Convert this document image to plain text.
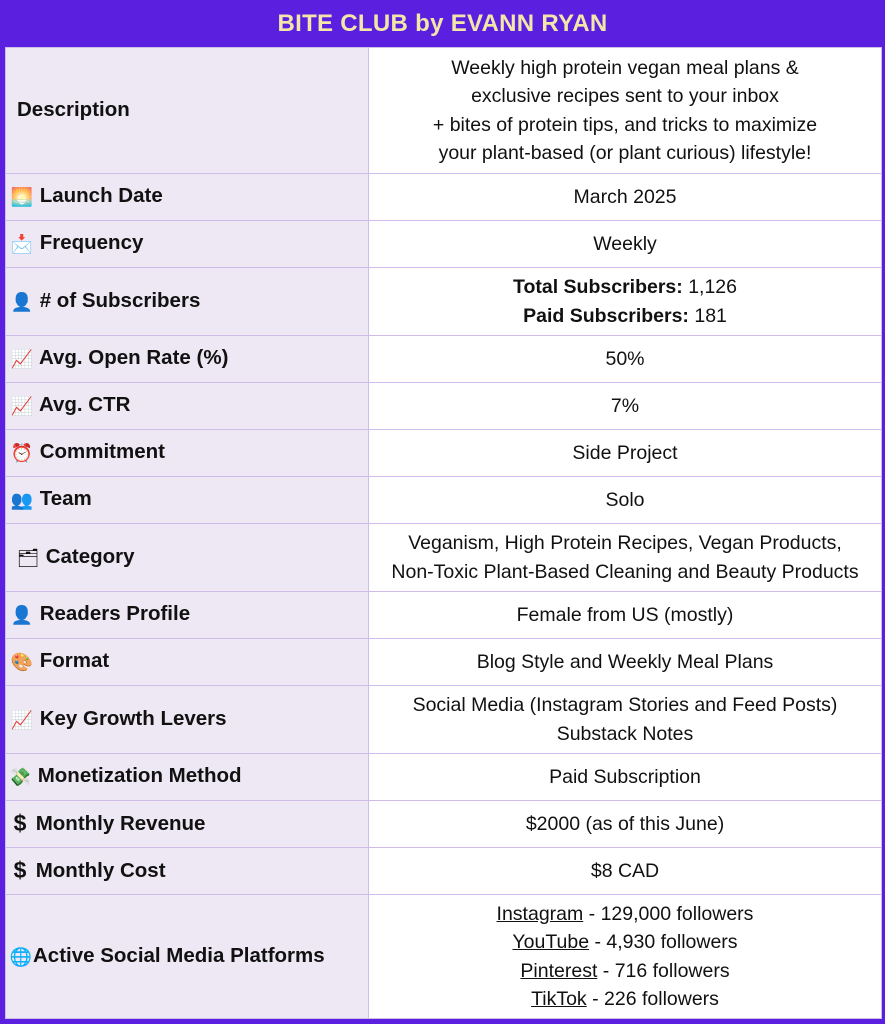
BITE CLUB by EVANN RYAN
Description	Weekly high protein vegan meal plans &
exclusive recipes sent to your inbox
+ bites of protein tips, and tricks to maximize
your plant-based (or plant curious) lifestyle!

🌅 Launch Date	March 2025
📩 Frequency	Weekly
👤 # of Subscribers	Total Subscribers: 1,126
Paid Subscribers: 181

📈 Avg. Open Rate (%)	50%
📈 Avg. CTR	7%
⏰ Commitment	Side Project
👥 Team	Solo
🗂 Category	Veganism, High Protein Recipes, Vegan Products,
Non-Toxic Plant-Based Cleaning and Beauty Products

👤 Readers Profile	Female from US (mostly)
🎨 Format	Blog Style and Weekly Meal Plans
📈 Key Growth Levers	Social Media (Instagram Stories and Feed Posts)
Substack Notes

💸 Monetization Method	Paid Subscription
$ Monthly Revenue	$2000 (as of this June)
$ Monthly Cost	$8 CAD
🌐Active Social Media Platforms	Instagram - 129,000 followers
YouTube - 4,930 followers
Pinterest - 716 followers
TikTok - 226 followers
